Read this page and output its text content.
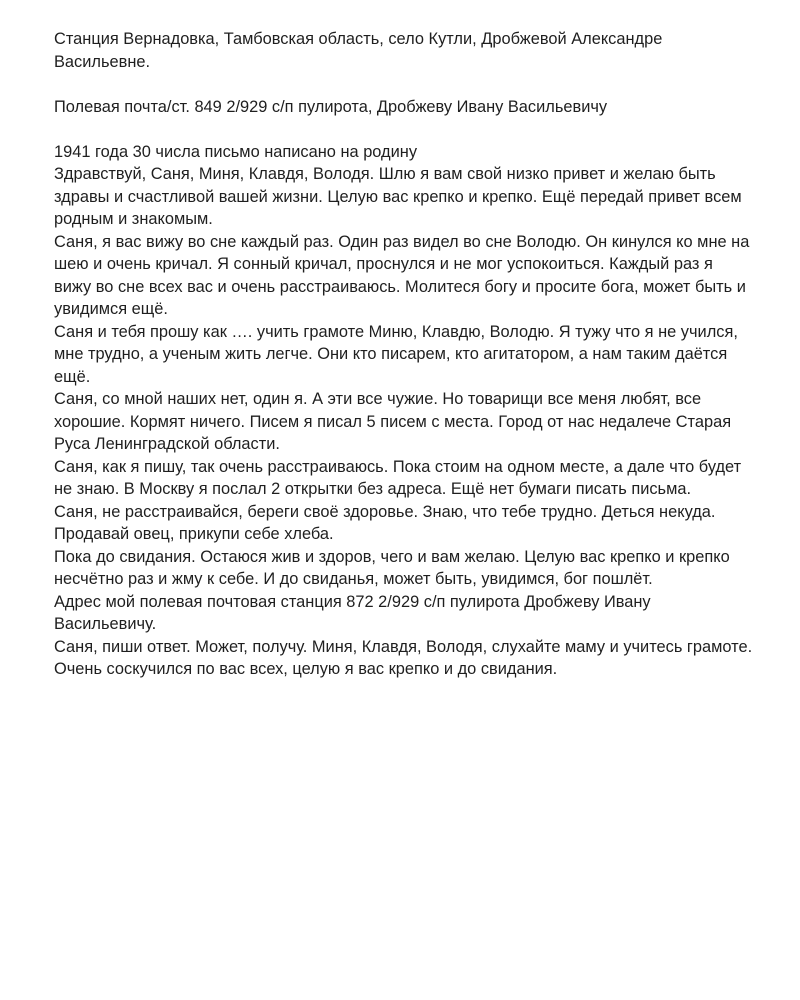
Станция Вернадовка, Тамбовская область, село Кутли, Дробжевой Александре Васильевне.

Полевая почта/ст. 849 2/929 с/п пулирота, Дробжеву Ивану Васильевичу

1941 года 30 числа письмо написано на родину

Здравствуй, Саня, Миня, Клавдя, Володя. Шлю я вам свой низко привет и желаю быть здравы и счастливой вашей жизни. Целую вас крепко и крепко. Ещё передай привет всем родным и знакомым.

Саня, я вас вижу во сне каждый раз. Один раз видел во сне Володю. Он кинулся ко мне на шею и очень кричал. Я сонный кричал, проснулся и не мог успокоиться. Каждый раз я вижу во сне всех вас и очень расстраиваюсь. Молитеся богу и просите бога, может быть и увидимся ещё.

Саня и тебя прошу как …. учить грамоте Миню, Клавдю, Володю. Я тужу что я не учился, мне трудно, а ученым жить легче. Они кто писарем, кто агитатором, а нам таким даётся ещё.

Саня, со мной наших нет, один я. А эти все чужие. Но товарищи все меня любят, все хорошие. Кормят ничего. Писем я писал 5 писем с места. Город от нас недалече Старая Руса Ленинградской области.

Саня, как я пишу, так очень расстраиваюсь. Пока стоим на одном месте, а дале что будет не знаю. В Москву я послал 2 открытки без адреса. Ещё нет бумаги писать письма.

Саня, не расстраивайся, береги своё здоровье. Знаю, что тебе трудно. Деться некуда. Продавай овец, прикупи себе хлеба.

Пока до свидания. Остаюся жив и здоров, чего и вам желаю. Целую вас крепко и крепко несчётно раз и жму к себе. И до свиданья, может быть, увидимся, бог пошлёт.

Адрес мой полевая почтовая станция 872 2/929 с/п пулирота Дробжеву Ивану Васильевичу.

Саня, пиши ответ. Может, получу. Миня, Клавдя, Володя, слухайте маму и учитесь грамоте.

Очень соскучился по вас всех, целую я вас крепко и до свидания.
